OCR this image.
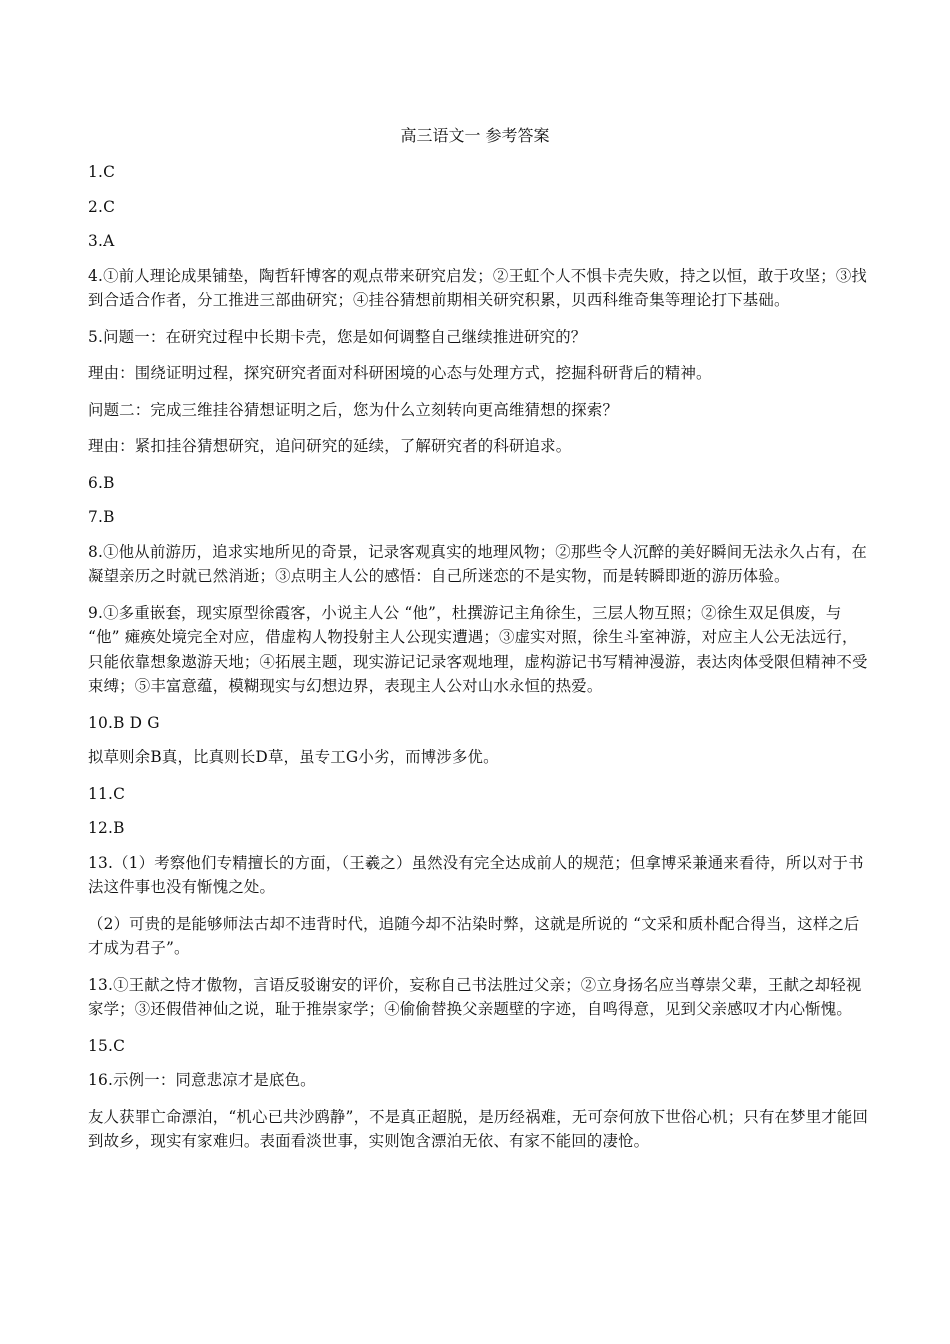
高三语文一 参考答案

1.C

2.C

3.A

4.①前人理论成果铺垫，陶哲轩博客的观点带来研究启发；②王虹个人不惧卡壳失败，持之以恒，敢于攻坚；③找到合适合作者，分工推进三部曲研究；④挂谷猜想前期相关研究积累，贝西科维奇集等理论打下基础。

5.问题一：在研究过程中长期卡壳，您是如何调整自己继续推进研究的？

理由：围绕证明过程，探究研究者面对科研困境的心态与处理方式，挖掘科研背后的精神。

问题二：完成三维挂谷猜想证明之后，您为什么立刻转向更高维猜想的探索？

理由：紧扣挂谷猜想研究，追问研究的延续，了解研究者的科研追求。

6.B

7.B

8.①他从前游历，追求实地所见的奇景，记录客观真实的地理风物；②那些令人沉醉的美好瞬间无法永久占有，在凝望亲历之时就已然消逝；③点明主人公的感悟：自己所迷恋的不是实物，而是转瞬即逝的游历体验。

9.①多重嵌套，现实原型徐霞客，小说主人公 “他”，杜撰游记主角徐生，三层人物互照；②徐生双足俱废，与 “他” 瘫痪处境完全对应，借虚构人物投射主人公现实遭遇；③虚实对照，徐生斗室神游，对应主人公无法远行，只能依靠想象遨游天地；④拓展主题，现实游记记录客观地理，虚构游记书写精神漫游，表达肉体受限但精神不受束缚；⑤丰富意蕴，模糊现实与幻想边界，表现主人公对山水永恒的热爱。

10.B D G

拟草则余B真，比真则长D草，虽专工G小劣，而博涉多优。

11.C

12.B

13.（1）考察他们专精擅长的方面，（王羲之）虽然没有完全达成前人的规范；但拿博采兼通来看待，所以对于书法这件事也没有惭愧之处。

（2）可贵的是能够师法古却不违背时代，追随今却不沾染时弊，这就是所说的 “文采和质朴配合得当，这样之后才成为君子”。

13.①王献之恃才傲物，言语反驳谢安的评价，妄称自己书法胜过父亲；②立身扬名应当尊崇父辈，王献之却轻视家学；③还假借神仙之说，耻于推崇家学；④偷偷替换父亲题壁的字迹，自鸣得意，见到父亲感叹才内心惭愧。

15.C

16.示例一：同意悲凉才是底色。

友人获罪亡命漂泊，“机心已共沙鸥静”，不是真正超脱，是历经祸难，无可奈何放下世俗心机；只有在梦里才能回到故乡，现实有家难归。表面看淡世事，实则饱含漂泊无依、有家不能回的凄怆。
